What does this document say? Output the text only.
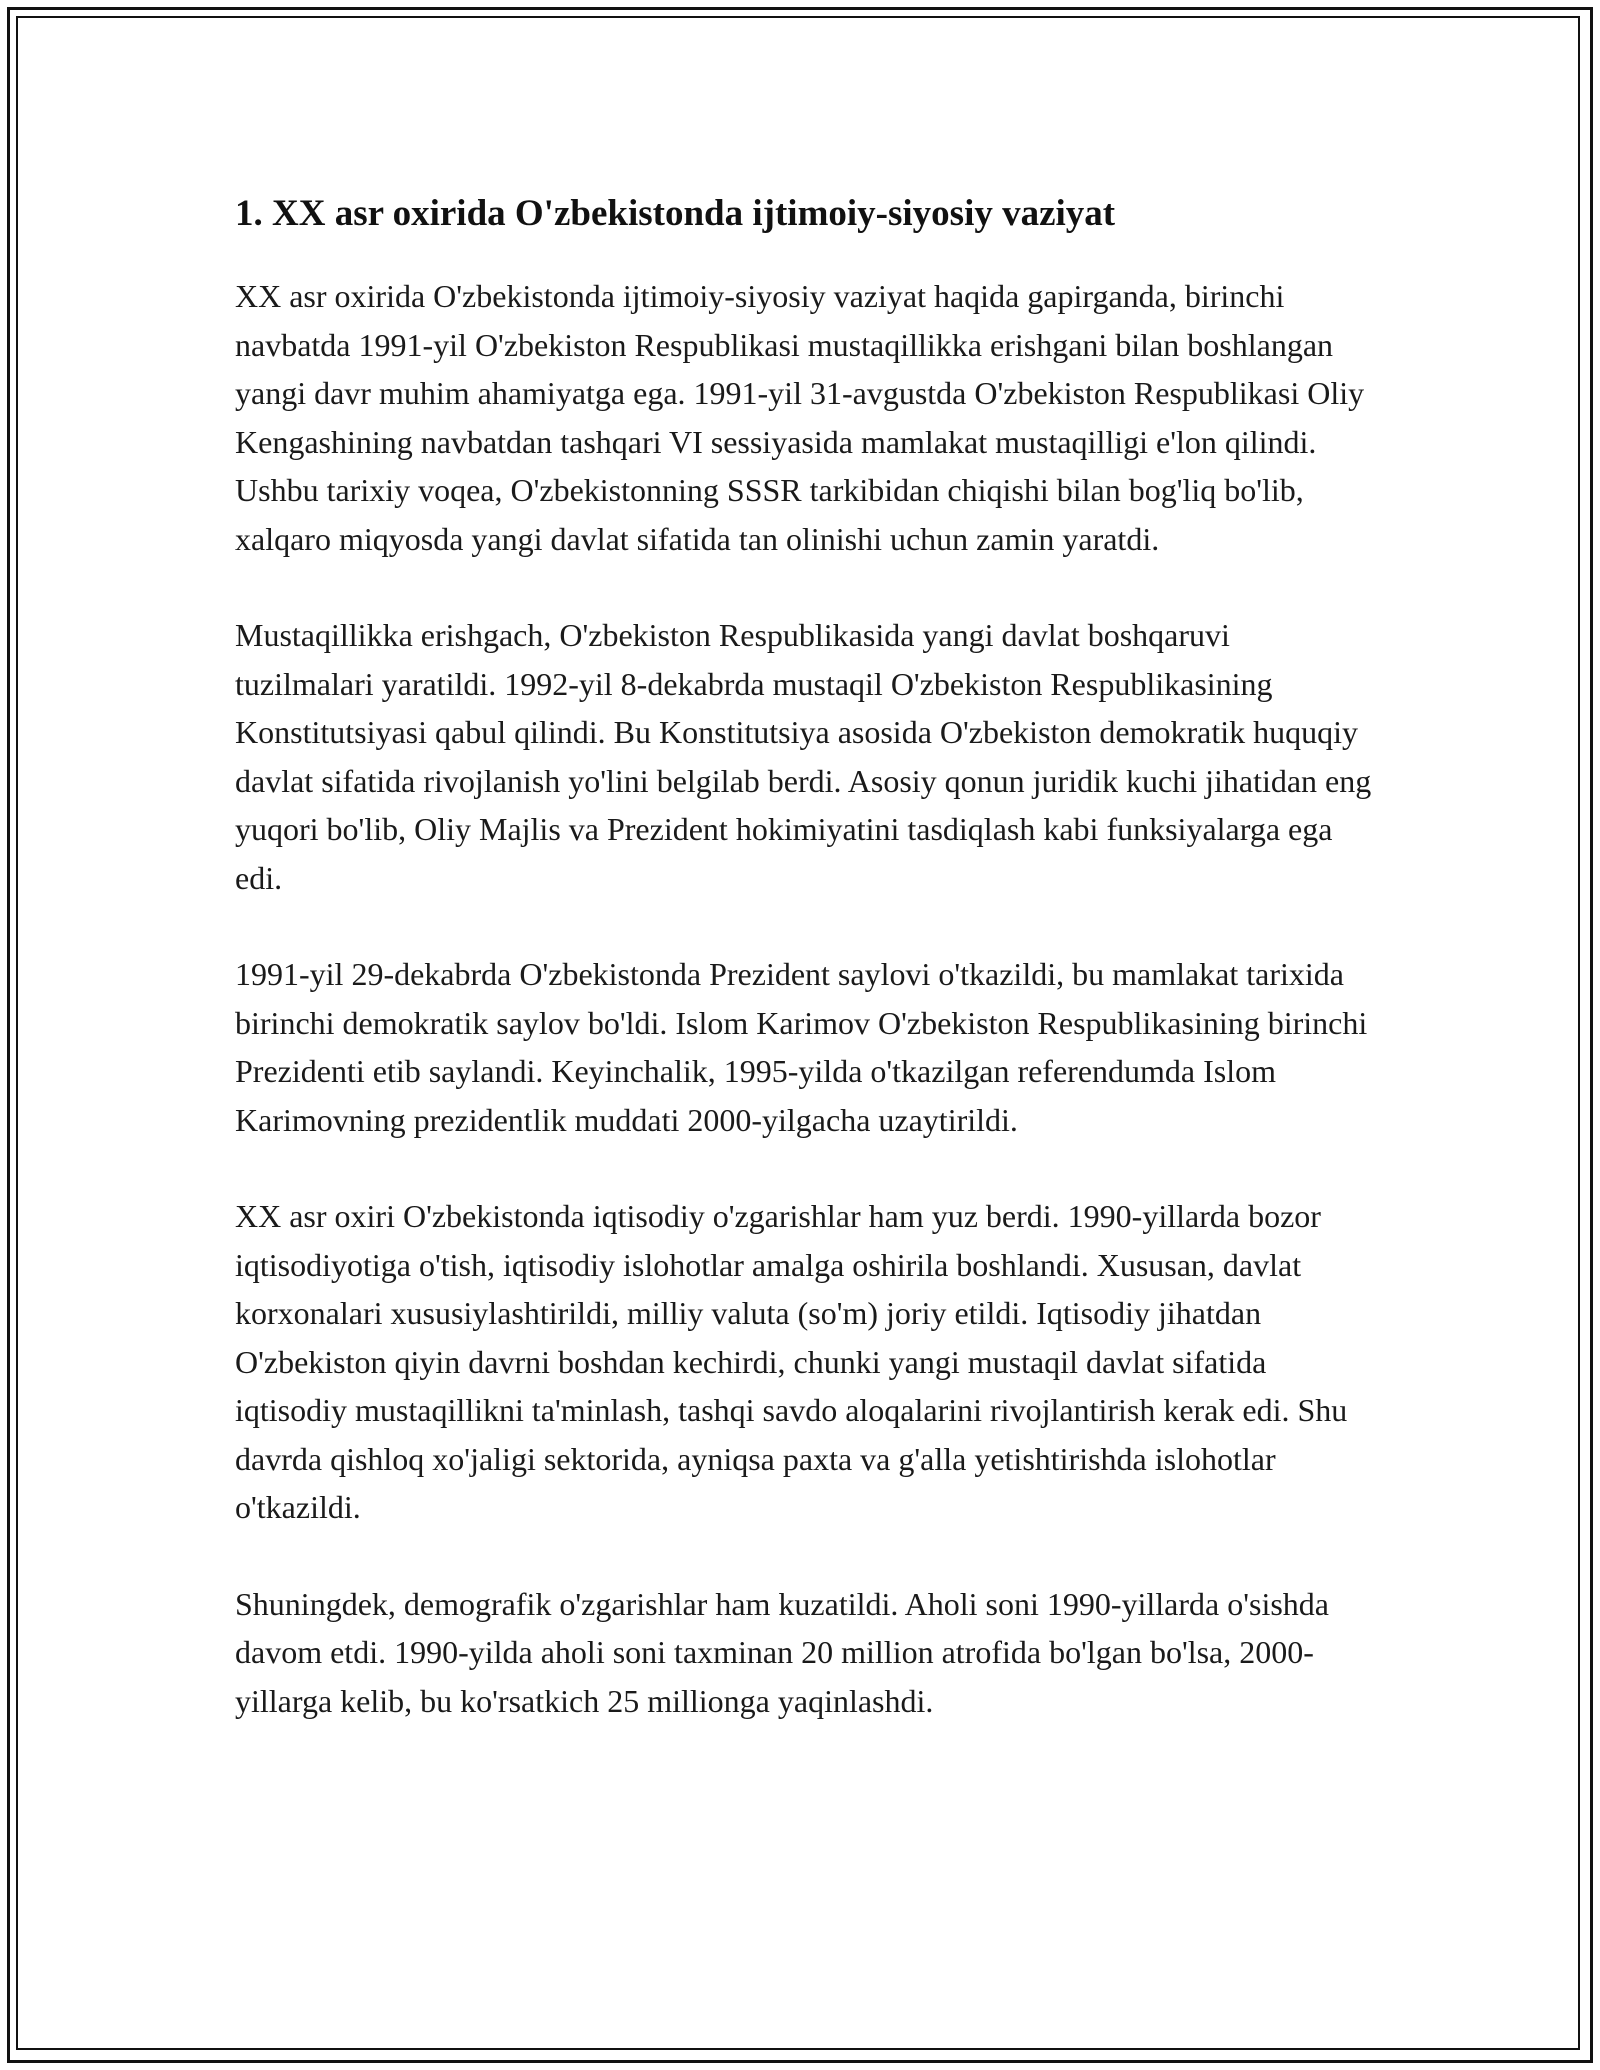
1. XX asr oxirida O'zbekistonda ijtimoiy-siyosiy vaziyat

XX asr oxirida O'zbekistonda ijtimoiy-siyosiy vaziyat haqida gapirganda, birinchi navbatda 1991-yil O'zbekiston Respublikasi mustaqillikka erishgani bilan boshlangan yangi davr muhim ahamiyatga ega. 1991-yil 31-avgustda O'zbekiston Respublikasi Oliy Kengashining navbatdan tashqari VI sessiyasida mamlakat mustaqilligi e'lon qilindi. Ushbu tarixiy voqea, O'zbekistonning SSSR tarkibidan chiqishi bilan bog'liq bo'lib, xalqaro miqyosda yangi davlat sifatida tan olinishi uchun zamin yaratdi.

Mustaqillikka erishgach, O'zbekiston Respublikasida yangi davlat boshqaruvi tuzilmalari yaratildi. 1992-yil 8-dekabrda mustaqil O'zbekiston Respublikasining Konstitutsiyasi qabul qilindi. Bu Konstitutsiya asosida O'zbekiston demokratik huquqiy davlat sifatida rivojlanish yo'lini belgilab berdi. Asosiy qonun juridik kuchi jihatidan eng yuqori bo'lib, Oliy Majlis va Prezident hokimiyatini tasdiqlash kabi funksiyalarga ega edi.

1991-yil 29-dekabrda O'zbekistonda Prezident saylovi o'tkazildi, bu mamlakat tarixida birinchi demokratik saylov bo'ldi. Islom Karimov O'zbekiston Respublikasining birinchi Prezidenti etib saylandi. Keyinchalik, 1995-yilda o'tkazilgan referendumda Islom Karimovning prezidentlik muddati 2000-yilgacha uzaytirildi.

XX asr oxiri O'zbekistonda iqtisodiy o'zgarishlar ham yuz berdi. 1990-yillarda bozor iqtisodiyotiga o'tish, iqtisodiy islohotlar amalga oshirila boshlandi. Xususan, davlat korxonalari xususiylashtirildi, milliy valuta (so'm) joriy etildi. Iqtisodiy jihatdan O'zbekiston qiyin davrni boshdan kechirdi, chunki yangi mustaqil davlat sifatida iqtisodiy mustaqillikni ta'minlash, tashqi savdo aloqalarini rivojlantirish kerak edi. Shu davrda qishloq xo'jaligi sektorida, ayniqsa paxta va g'alla yetishtirishda islohotlar o'tkazildi.

Shuningdek, demografik o'zgarishlar ham kuzatildi. Aholi soni 1990-yillarda o'sishda davom etdi. 1990-yilda aholi soni taxminan 20 million atrofida bo'lgan bo'lsa, 2000-yillarga kelib, bu ko'rsatkich 25 millionga yaqinlashdi.
